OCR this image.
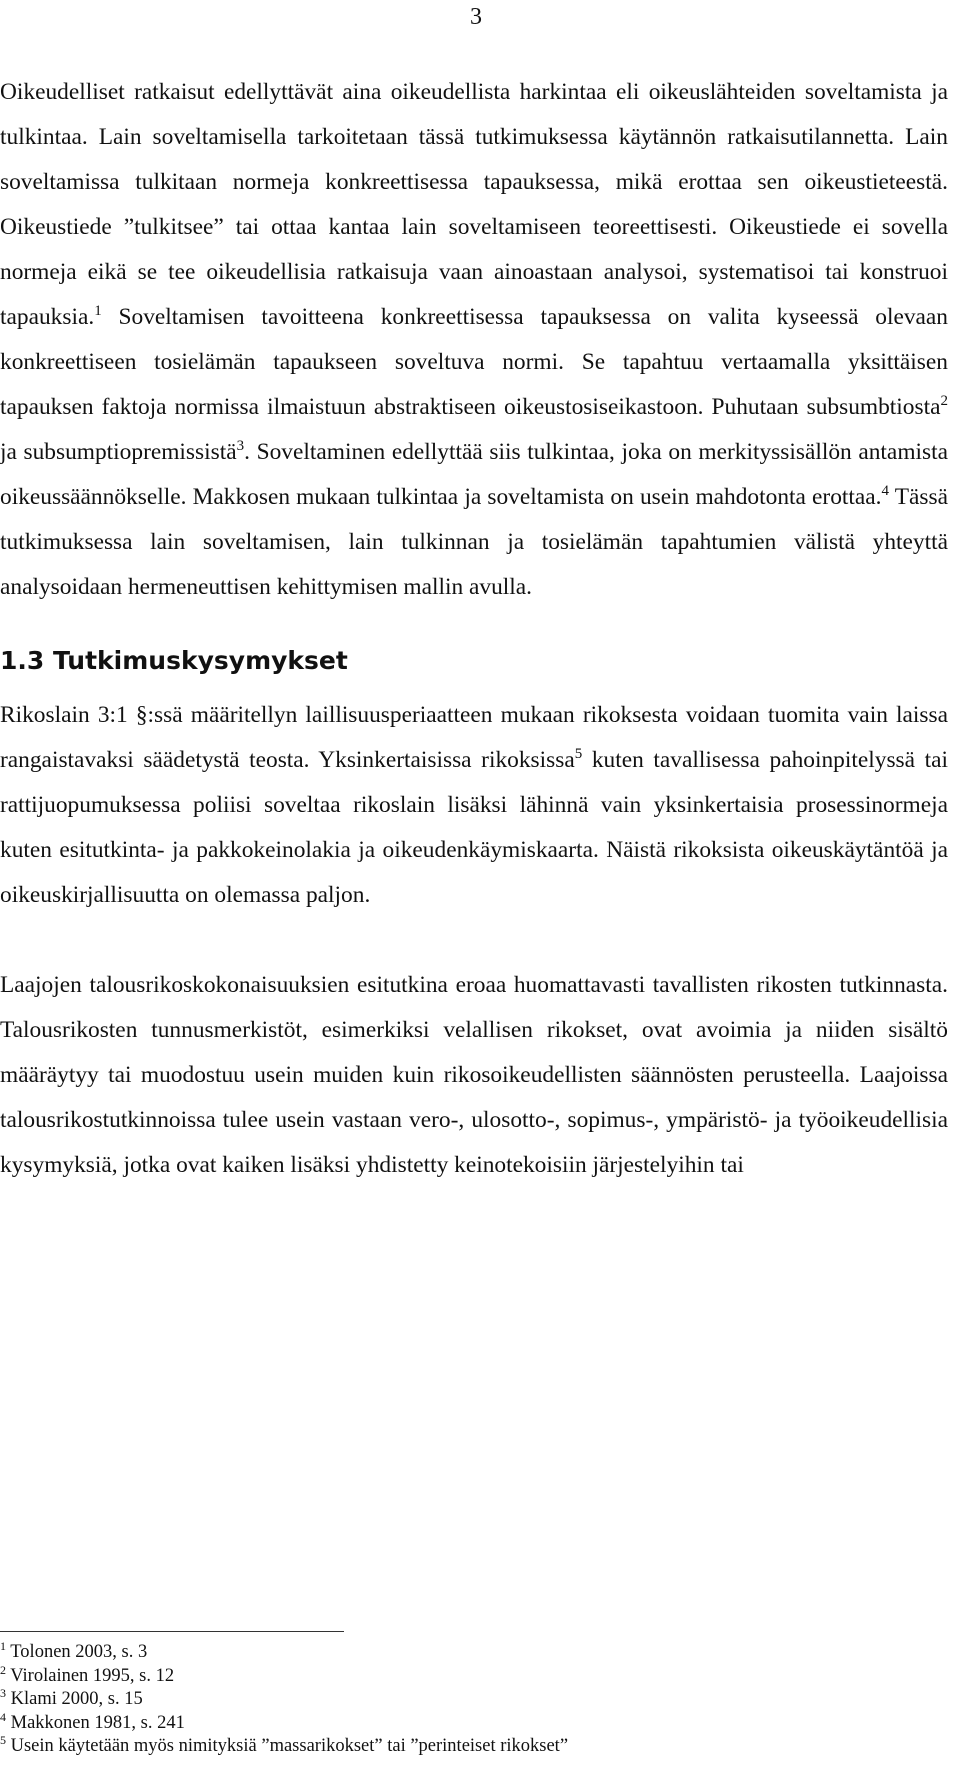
3

Oikeudelliset ratkaisut edellyttävät aina oikeudellista harkintaa eli oikeuslähteiden soveltamista ja tulkintaa. Lain soveltamisella tarkoitetaan tässä tutkimuksessa käytännön ratkaisutilannetta. Lain soveltamissa tulkitaan normeja konkreettisessa tapauksessa, mikä erottaa sen oikeustieteestä. Oikeustiede ”tulkitsee” tai ottaa kantaa lain soveltamiseen teoreettisesti. Oikeustiede ei sovella normeja eikä se tee oikeudellisia ratkaisuja vaan ainoastaan analysoi, systematisoi tai konstruoi tapauksia.$^1$ Soveltamisen tavoitteena konkreettisessa tapauksessa on valita kyseessä olevaan konkreettiseen tosielämän tapaukseen soveltuva normi. Se tapahtuu vertaamalla yksittäisen tapauksen faktoja normissa ilmaistuun abstraktiseen oikeustosiseikastoon. Puhutaan subsumbtiosta$^2$ ja subsumptiopremissistä$^3$. Soveltaminen edellyttää siis tulkintaa, joka on merkityssisällön antamista oikeussäännökselle. Makkosen mukaan tulkintaa ja soveltamista on usein mahdotonta erottaa.$^4$ Tässä tutkimuksessa lain soveltamisen, lain tulkinnan ja tosielämän tapahtumien välistä yhteyttä analysoidaan hermeneuttisen kehittymisen mallin avulla.

1.3 Tutkimuskysymykset

Rikoslain 3:1 §:ssä määritellyn laillisuusperiaatteen mukaan rikoksesta voidaan tuomita vain laissa rangaistavaksi säädetystä teosta. Yksinkertaisissa rikoksissa$^5$ kuten tavallisessa pahoinpitelyssä tai rattijuopumuksessa poliisi soveltaa rikoslain lisäksi lähinnä vain yksinkertaisia prosessinormeja kuten esitutkinta- ja pakkokeinolakia ja oikeudenkäymiskaarta. Näistä rikoksista oikeuskäytäntöä ja oikeuskirjallisuutta on olemassa paljon.

Laajojen talousrikoskokonaisuuksien esitutkina eroaa huomattavasti tavallisten rikosten tutkinnasta. Talousrikosten tunnusmerkistöt, esimerkiksi velallisen rikokset, ovat avoimia ja niiden sisältö määräytyy tai muodostuu usein muiden kuin rikosoikeudellisten säännösten perusteella. Laajoissa talousrikostutkinnoissa tulee usein vastaan vero-, ulosotto-, sopimus-, ympäristö- ja työoikeudellisia kysymyksiä, jotka ovat kaiken lisäksi yhdistetty keinotekoisiin järjestelyihin tai

$^1$ Tolonen 2003, s. 3
$^2$ Virolainen 1995, s. 12
$^3$ Klami 2000, s. 15
$^4$ Makkonen 1981, s. 241
$^5$ Usein käytetään myös nimityksiä ”massarikokset” tai ”perinteiset rikokset”
